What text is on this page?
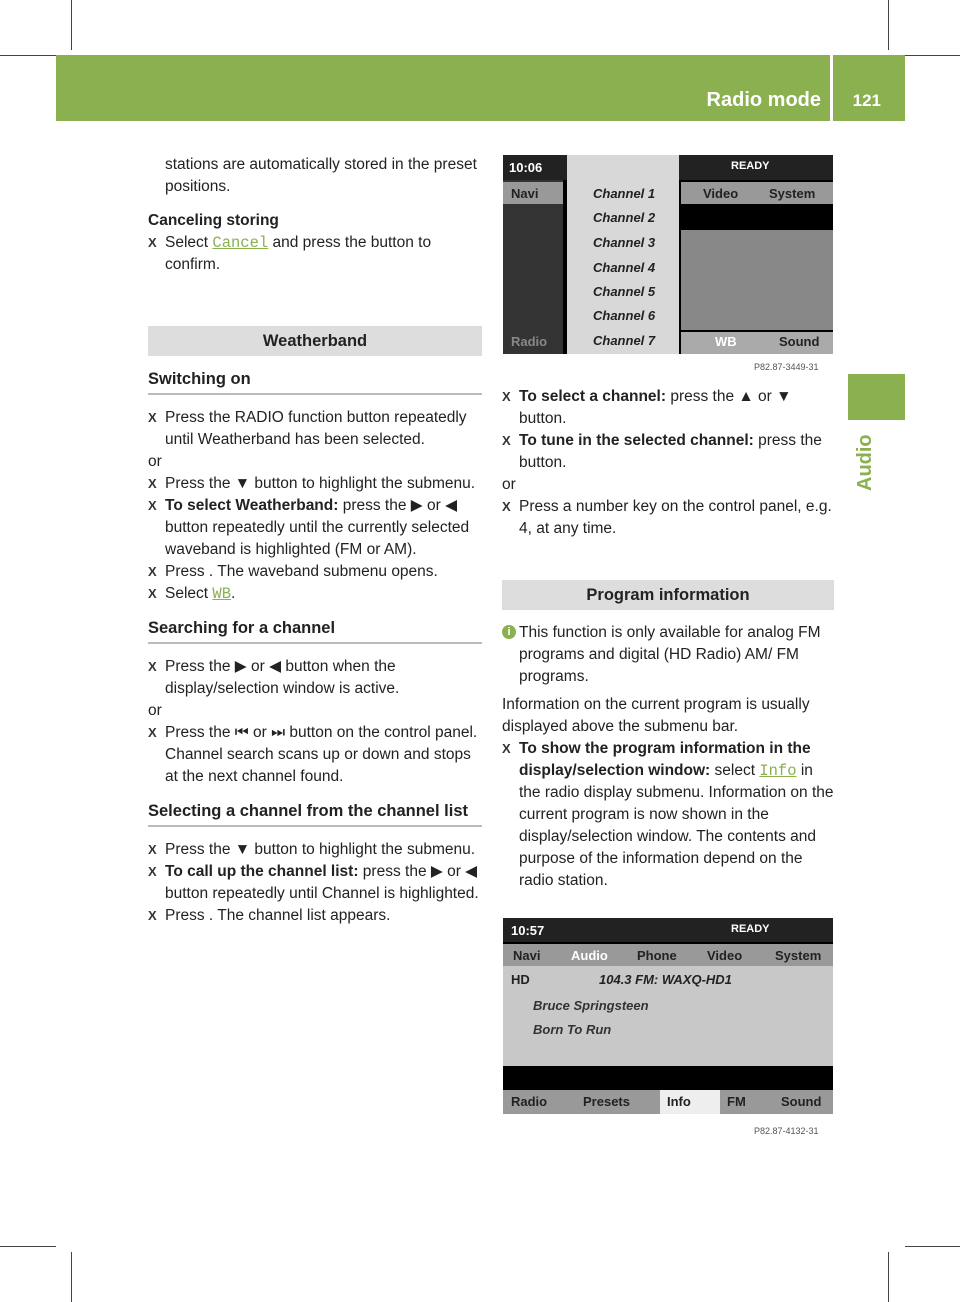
Radio mode 121
Audio

stations are automatically stored in the preset positions.

Canceling storing

X Select Cancel and press the button to confirm.

Weatherband

Switching on

X Press the RADIO function button repeatedly until Weatherband has been selected.

or

X Press the ▼ button to highlight the submenu.

X To select Weatherband: press the ▶ or ◀ button repeatedly until the currently selected waveband is highlighted (FM or AM).

X Press . The waveband submenu opens.

X Select WB.

Searching for a channel

X Press the ▶ or ◀ button when the display/selection window is active.

or

X Press the ⏮ or ⏭ button on the control panel. Channel search scans up or down and stops at the next channel found.

Selecting a channel from the channel list

X Press the ▼ button to highlight the submenu.

X To call up the channel list: press the ▶ or ◀ button repeatedly until Channel is highlighted.

X Press . The channel list appears.

10:06	READY
Navi	Video System
Channel 1
Channel 2
Channel 3
Channel 4
Channel 5
Channel 6
Channel 7
Radio	WB	Sound
P82.87-3449-31

X To select a channel: press the ▲ or ▼ button.

X To tune in the selected channel: press the button.

or

X Press a number key on the control panel, e.g. 4, at any time.

Program information

i This function is only available for analog FM programs and digital (HD Radio) AM/ FM programs.

Information on the current program is usually displayed above the submenu bar.

X To show the program information in the display/selection window: select Info in the radio display submenu. Information on the current program is now shown in the display/selection window. The contents and purpose of the information depend on the radio station.

10:57	READY
Navi Audio Phone Video	System
HD	104.3 FM: WAXQ-HD1
Bruce Springsteen
Born To Run
Radio	Presets	Info	FM	Sound
P82.87-4132-31
